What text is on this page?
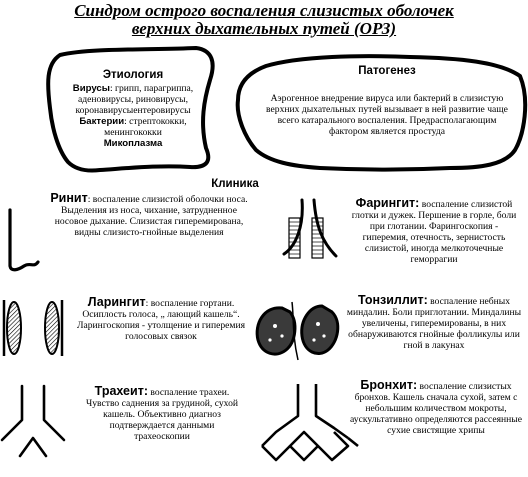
Синдром острого воспаления слизистых оболочек
верхних дыхательных путей (ОРЗ)

Этиология

Вирусы: грипп, парагриппа, аденовирусы, риновирусы, коронавирусыентеровирусы

Бактерии: стрептококки, менингококки

Микоплазма

Патогенез

Аэрогенное внедрение вируса или бактерий в слизистую верхних дыхательных путей вызывает в ней развитие чаще всего катарального воспаления. Предрасполагающим фактором является простуда

Клиника

Ринит: воспаление слизистой оболочки носа. Выделения из носа, чихание, затрудненное носовое дыхание. Слизистая гиперемирована, видны слизисто-гнойные выделения

Фарингит: воспаление слизистой глотки и дужек. Першение в горле, боли при глотании. Фарингоскопия - гиперемия, отечность, зернистость слизистой, иногда мелкоточечные геморрагии

Ларингит: воспаление гортани. Осиплость голоса, „ лающий кашель“. Ларингоскопия - утолщение и гиперемия голосовых связок

Тонзиллит: воспаление небных миндалин. Боли приглотании. Миндалины увеличены, гиперемированы, в них обнаруживаются гнойные фолликулы или гной в лакунах

Трахеит: воспаление трахеи. Чувство саднения за грудиной, сухой кашель. Объективно диагноз подтверждается данными трахеоскопии

Бронхит: воспаление слизистых бронхов. Кашель сначала сухой, затем с небольшим количеством мокроты, аускультативно определяются рассеянные сухие свистящие хрипы
